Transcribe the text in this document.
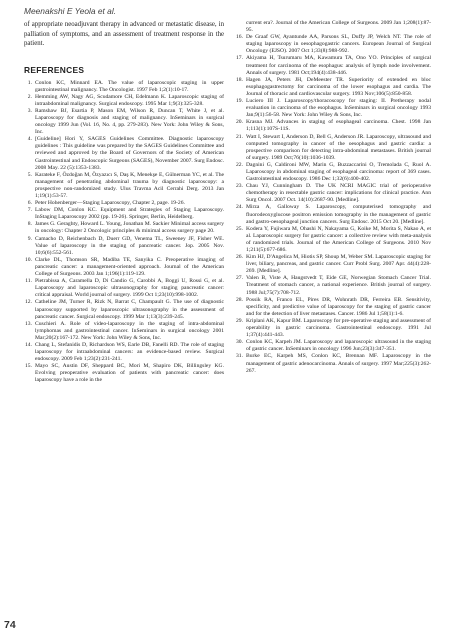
Meenakshi E Yeola et al.

of appropriate neoadjuvant therapy in advanced or metastatic disease, in palliation of symptoms, and an assessment of treatment response in the patient.

REFERENCES
1. Conlon KC, Minnard EA. The value of laparoscopic staging in upper gastrointestinal malignancy. The Oncologist. 1997 Feb 1;2(1):10-17.
2. Hemming AW, Nagy AG, Scudamore CH, Edelmann K. Laparoscopic staging of intraabdominal malignancy. Surgical endoscopy. 1995 Mar 1;9(3):325-328.
3. Ramshaw BJ, Esartia P, Mason EM, Wilson R, Duncan T, White J, et al. Laparoscopy for diagnosis and staging of malignancy. InSeminars in surgical oncology 1999 Jun (Vol. 16, No. 4, pp. 279-283). New York: John Wiley & Sons, Inc.
4. [Guideline] Hori Y, SAGES Guidelines Committee. Diagnostic laparoscopy guidelines : This guideline was prepared by the SAGES Guidelines Committee and reviewed and approved by the Board of Governors of the Society of American Gastrointestinal and Endoscopic Surgeons (SAGES), November 2007. Surg Endosc. 2008 May. 22 (5):1353-1383.
5. Karateke F, Özdoğan M, Özyazıcı S, Daş K, Menekşe E, Gülnerman YC, et al. The management of penetrating abdominal trauma by diagnostic laparoscopy: a prospective non-randomized study. Ulus Travma Acil Cerrahi Derg. 2013 Jan 1;19(1):53-57.
6. Peter Hohenberger—Staging Laparoscopy, Chapter 2, page. 19-26.
7. Labow DM, Conlon KC. Equipment and Strategies of Staging Laparoscopy. InStaging Laparoscopy 2002 (pp. 19-26). Springer, Berlin, Heidelberg.
8. James G. Geraghty, Howard L. Young, Jonathan M. Sackier Minimal access surgery in oncology: Chapter 2 Oncologic principles & minimal access surgery page 20.
9. Camacho D, Reichenbach D, Duerr GD, Venema TL, Sweeney JF, Fisher WE. Value of laparoscopy in the staging of pancreatic cancer. Jop. 2005 Nov. 10;6(6):552-561.
10. Clarke DL, Thomson SR, Madiba TE, Sanyika C. Preoperative imaging of pancreatic cancer: a management-oriented approach. Journal of the American College of Surgeons. 2003 Jan 1;196(1):119-129.
11. Pietrabissa A, Caramella D, Di Candio G, Carobbi A, Boggi U, Rossi G, et al. Laparoscopy and laparoscopic ultrasonography for staging pancreatic cancer: critical appraisal. World journal of surgery. 1999 Oct 1;23(10):998-1002.
12. Catheline JM, Turner R, Rizk N, Barrat C, Champault G. The use of diagnostic laparoscopy supported by laparoscopic ultrasonography in the assessment of pancreatic cancer. Surgical endoscopy. 1999 Mar 1;13(3):239-245.
13. Cuschieri A. Role of video-laparoscopy in the staging of intra-abdominal lymphomas and gastrointestinal cancer. InSeminars in surgical oncology 2001 Mar;20(2):167-172. New York: John Wiley & Sons, Inc.
14. Chang L, Stefanidis D, Richardson WS, Earle DB, Fanelli RD. The role of staging laparoscopy for intraabdominal cancers: an evidence-based review. Surgical endoscopy. 2009 Feb 1;23(2):231-241.
15. Mayo SC, Austin DF, Sheppard BC, Mori M, Shapiro DK, Billingsley KG. Evolving preoperative evaluation of patients with pancreatic cancer: does laparoscopy have a role in the
current era?. Journal of the American College of Surgeons. 2009 Jan 1;208(1):87-95.
16. De Graaf GW, Ayantunde AA, Parsons SL, Duffy JP, Welch NT. The role of staging laparoscopy in oesophagogastric cancers. European Journal of Surgical Oncology (EJSO). 2007 Oct 1;33(8):988-992.
17. Akiyama H, Tsurumaru MA, Kawamura TA, Ono YO. Principles of surgical treatment for carcinoma of the esophagus: analysis of lymph node involvement. Annals of surgery. 1981 Oct;194(4):438-446.
18. Hagen JA, Peters JH, DeMeester TR. Superiority of extended en bloc esophagogastrectomy for carcinoma of the lower esophagus and cardia. The Journal of thoracic and cardiovascular surgery. 1993 Nov;106(5):850-858.
19. Luciero III J. Laparoscopy/thoracoscopy for staging: II. Pretherapy nodal evaluation in carcinoma of the esophagus. InSeminars in surgical oncology 1993 Jan;9(1):56-58. New York: John Wiley & Sons, Inc.
20. Krasna MJ. Advances in staging of esophageal carcinoma. Chest. 1998 Jan 1;113(1):107S-11S.
21. Watt I, Stewart I, Anderson D, Bell G, Anderson JR. Laparoscopy, ultrasound and computed tomography in cancer of the oesophagus and gastric cardia: a prospective comparison for detecting intra-abdominal metastases. British journal of surgery. 1989 Oct;76(10):1036-1039.
22. Dagnini G, Caldironi MW, Marin G, Buzzaccarini O, Tremolada C, Ruol A. Laparoscopy in abdominal staging of esophageal carcinoma: report of 369 cases. Gastrointestinal endoscopy. 1986 Dec 1;32(6):400-402.
23. Chau YJ, Cunningham D. The UK NCRI MAGIC trial of perioperative chemotherapy in resectable gastric cancer: implications for clinical practice. Ann Surg Oncol. 2007 Oct. 14(10):2687-90. [Medline].
24. Mirza A, Galloway S. Laparoscopy, computerised tomography and fluorodeoxyglucose positron emission tomography in the management of gastric and gastro-oesophageal junction cancers. Surg Endosc. 2015 Oct 20. [Medline].
25. Kodera Y, Fujiwara M, Ohashi N, Nakayama G, Koike M, Morita S, Nakao A, et al. Laparoscopic surgery for gastric cancer: a collective review with meta-analysis of randomized trials. Journal of the American College of Surgeons. 2010 Nov 1;211(5):677-686.
26. Kim HJ, D'Angelica M, Hiotis SP, Shoup M, Weber SM. Laparoscopic staging for liver, biliary, pancreas, and gastric cancer. Curr Probl Surg. 2007 Apr. 44(4):228-269. [Medline].
27. Valen B, Viste A, Haugstvedt T, Eide GE, Norwegian Stomach Cancer Trial. Treatment of stomach cancer, a national experience. British journal of surgery. 1988 Jul;75(7):708-712.
28. Possik RA, Franco EL, Pires DR, Wohnrath DR, Ferreira EB. Sensitivity, specificity, and predictive value of laparoscopy for the staging of gastric cancer and for the detection of liver metastases. Cancer. 1986 Jul 1;58(1):1-6.
29. Kriplani AK, Kapur BM. Laparoscopy for pre-operative staging and assessment of operability in gastric carcinoma. Gastrointestinal endoscopy. 1991 Jul 1;37(4):441-443.
30. Conlon KC, Karpeh JM. Laparoscopy and laparoscopic ultrasound in the staging of gastric cancer. InSeminars in oncology 1996 Jun;23(3):347-351.
31. Burke EC, Karpeh MS, Conlon KC, Brennan MF. Laparoscopy in the management of gastric adenocarcinoma. Annals of surgery. 1997 Mar;225(3):262-267.
74
